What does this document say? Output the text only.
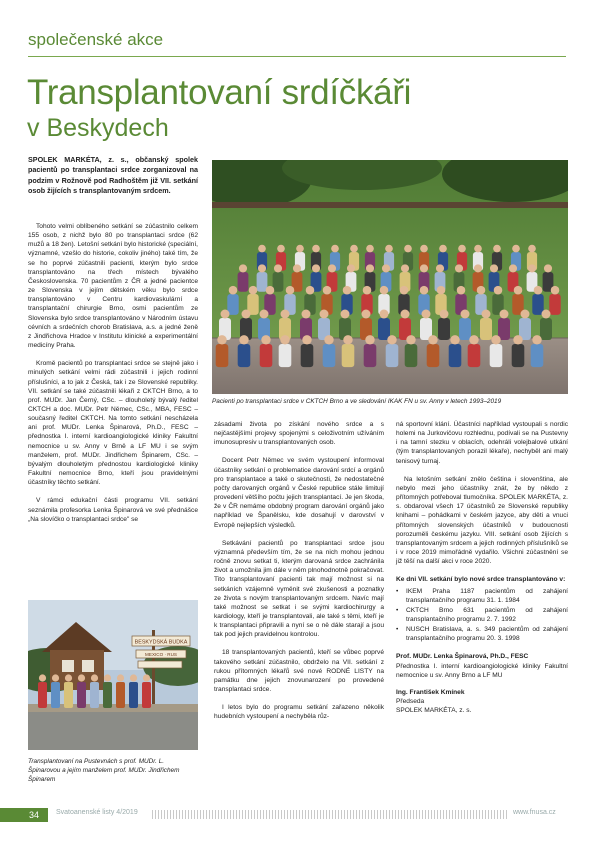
společenské akce
Transplantovaní srdíčkáři
v Beskydech
SPOLEK MARKÉTA, z. s., občanský spolek pacientů po transplantaci srdce zorganizoval na podzim v Rožnově pod Radhoštěm již VII. setkání osob žijících s transplantovaným srdcem.

Tohoto velmi oblíbeného setkání se zúčastnilo celkem 155 osob, z nichž bylo 80 po transplantaci srdce (62 mužů a 18 žen). Letošní setkání bylo historické (speciální, významné, vzešlo do historie, cokoliv jiného) také tím, že se ho poprvé zúčastnili pacienti, kterým bylo srdce transplantováno na třech místech bývalého Československa. 70 pacientům z ČR a jedné pacientce ze Slovenska v jejím dětském věku bylo srdce transplantováno v Centru kardiovaskulární a transplantační chirurgie Brno, osmi pacientům ze Slovenska bylo srdce transplantováno v Národním ústavu cévních a srdečních chorob Bratislava, a.s. a jedné ženě z Jindřichova Hradce v Institutu klinické a experimentální medicíny Praha.

Kromě pacientů po transplantaci srdce se stejně jako i minulých setkání velmi rádi zúčastnili i jejich rodinní příslušníci, a to jak z Česká, tak i ze Slovenské republiky. VII. setkání se také zúčastnili lékaři z CKTCH Brno, a to prof. MUDr. Jan Černý, CSc. – dlouholetý bývalý ředitel CKTCH a doc. MUDr. Petr Němec, CSc., MBA, FESC – současný ředitel CKTCH. Na tomto setkání nescházela ani prof. MUDr. Lenka Špinarová, Ph.D., FESC – přednostka I. interní kardioangiologické kliniky Fakultní nemocnice u sv. Anny v Brně a LF MU i se svým manželem, prof. MUDr. Jindřichem Špinarem, CSc. – bývalým dlouholetým přednostou kardiologické kliniky Fakultní nemocnice Brno, kteří jsou pravidelnými účastníky těchto setkání.

V rámci edukační části programu VII. setkání seznámila profesorka Lenka Špinarová ve své přednášce „Na slovíčko o transplantaci srdce" se

Pacienti po transplantaci srdce v CKTCH Brno a ve sledování IKAK FN u sv. Anny v letech 1993–2019
BESKYDSKÁ BUDKA
MEXICO · RUS
Transplantovaní na Pustevnách s prof. MUDr. L. Špinarovou a jejím manželem prof. MUDr. Jindřichem Špinarem

zásadami života po získání nového srdce a s nejčastějšími projevy spojenými s celoživotním užíváním imunosupresiv u transplantovaných osob.

Docent Petr Němec ve svém vystoupení informoval účastníky setkání o problematice darování srdcí a orgánů pro transplantace a také o skutečnosti, že nedostatečné počty darovaných orgánů v České republice stále limitují provedení většího počtu jejich transplantací. Je jen škoda, že v ČR nemáme obdobný program darování orgánů jako například ve Španělsku, kde dosahují v darovství v Evropě nejlepších výsledků.

Setkávání pacientů po transplantaci srdce jsou významná především tím, že se na nich mohou jednou ročně znovu setkat ti, kterým darovaná srdce zachránila život a umožnila jim dále v něm plnohodnotně pokračovat. Tito transplantovaní pacienti tak mají možnost si na setkáních vzájemně vyměnit své zkušenosti a poznatky ze života s novým transplantovaným srdcem. Navíc mají také možnost se setkat i se svými kardiochirurgy a kardiology, kteří je transplantovali, ale také s těmi, kteří je k transplantaci připravili a nyní se o ně dále starají a jsou tak pod jejich pravidelnou kontrolou.

18 transplantovaných pacientů, kteří se vůbec poprvé takového setkání zúčastnilo, obdrželo na VII. setkání z rukou přítomných lékařů své nové RODNÉ LISTY na památku dne jejich znovunarození po provedené transplantaci srdce.

I letos bylo do programu setkání zařazeno několik hudebních vystoupení a nechyběla růz-

ná sportovní klání. Účastníci například vystoupali s nordic holemi na Jurkovičovu rozhlednu, podívali se na Pustevny i na tamní stezku v oblacích, odehráli volejbalové utkání (tým transplantovaných porazil lékaře), nechyběl ani malý tenisový turnaj.

Na letošním setkání znělo čeština i slovenština, ale nebylo mezi jeho účastníky znát, že by někdo z přítomných potřeboval tlumočníka. SPOLEK MARKÉTA, z. s. obdaroval všech 17 účastníků ze Slovenské republiky knihami – pohádkami v českém jazyce, aby děti a vnuci přítomných slovenských účastníků v budoucnosti porozuměli českému jazyku. VIII. setkání osob žijících s transplantovaným srdcem a jejich rodinných příslušníků se i v roce 2019 mimořádně vydařilo. Všichni zúčastnění se již těší na další akci v roce 2020.

Ke dni VII. setkání bylo nové srdce transplantováno v:

• IKEM Praha 1187 pacientům od zahájení transplantačního programu 31. 1. 1984
• CKTCH Brno 631 pacientům od zahájení transplantačního programu 2. 7. 1992
• NUSCH Bratislava, a. s. 349 pacientům od zahájení transplantačního programu 20. 3. 1998
Prof. MUDr. Lenka Špinarová, Ph.D., FESC
Přednostka I. interní kardioangiologické kliniky Fakultní nemocnice u sv. Anny Brno a LF MU
Ing. František Kmínek
Předseda
SPOLEK MARKÉTA, z. s.
34	Svatoanenské listy 4/2019	www.fnusa.cz
